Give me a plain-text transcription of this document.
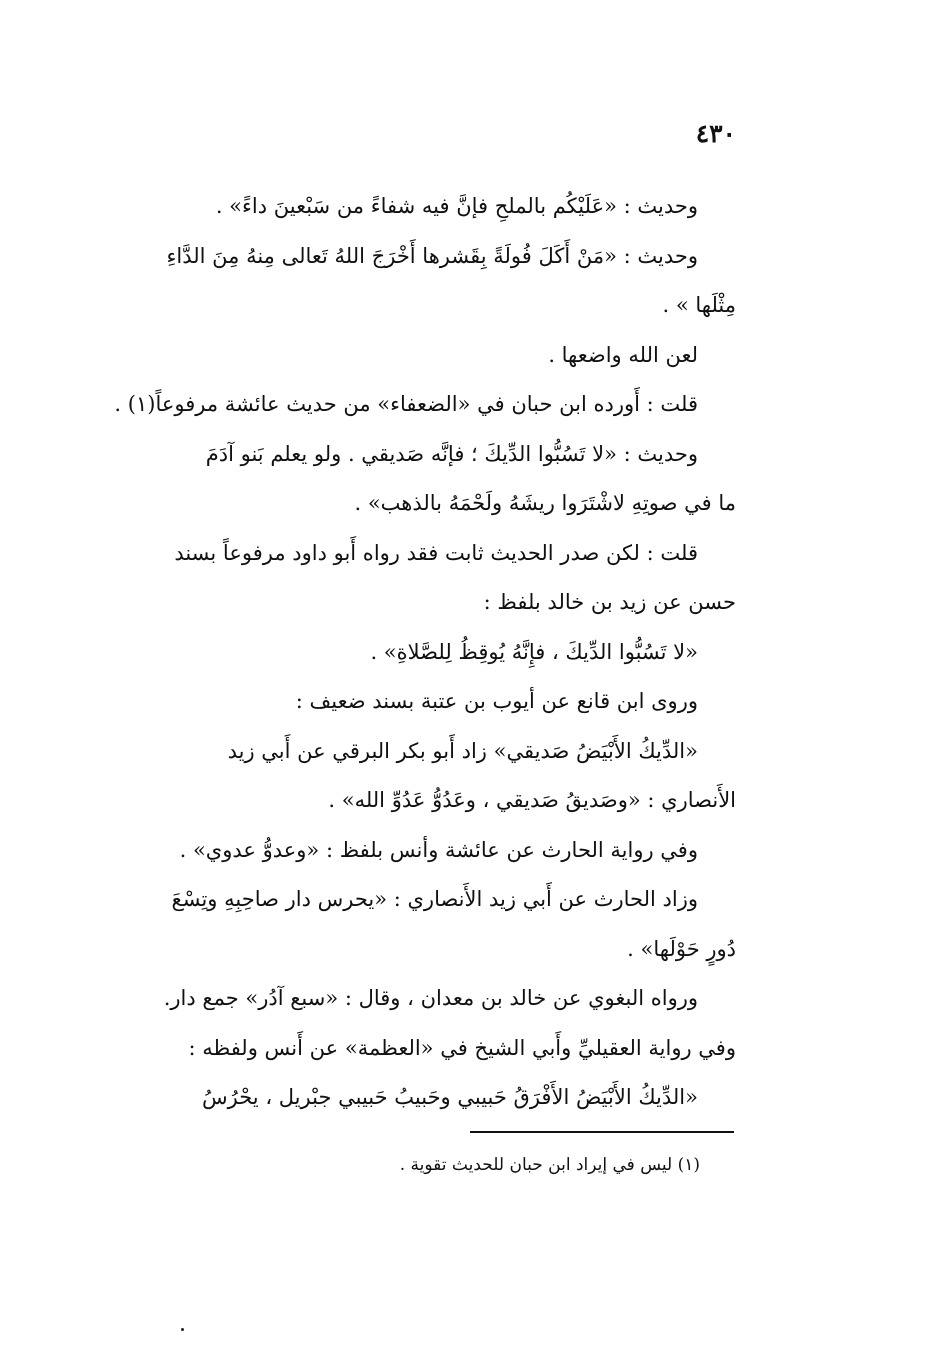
٤٣٠
وحديث : «عَلَيْكُم بالملحِ فإنَّ فيه شفاءً من سَبْعينَ داءً» .
وحديث : «مَنْ أَكَلَ فُولَةً بِقَشرها أَخْرَجَ اللهُ تَعالى مِنهُ مِنَ الدَّاءِ
مِثْلَها » .
لعن الله واضعها .
قلت : أَورده ابن حبان في «الضعفاء» من حديث عائشة مرفوعاً(١) .
وحديث : «لا تَسُبُّوا الدِّيكَ ؛ فإنَّه صَديقي . ولو يعلم بَنو آدَمَ
ما في صوتِهِ لاشْتَرَوا ريشَهُ ولَحْمَهُ بالذهب» .
قلت : لكن صدر الحديث ثابت فقد رواه أَبو داود مرفوعاً بسند
حسن عن زيد بن خالد بلفظ :
«لا تَسُبُّوا الدِّيكَ ، فإِنَّهُ يُوقِظُ لِلصَّلاةِ» .
وروى ابن قانع عن أيوب بن عتبة بسند ضعيف :
«الدِّيكُ الأَبْيَضُ صَديقي» زاد أَبو بكر البرقي عن أَبي زيد
الأَنصاري : «وصَديقُ صَديقي ، وعَدُوُّ عَدُوِّ الله» .
وفي رواية الحارث عن عائشة وأنس بلفظ : «وعدوُّ عدوي» .
وزاد الحارث عن أَبي زيد الأَنصاري : «يحرس دار صاحِبِهِ وتِسْعَ
دُورٍ حَوْلَها» .
ورواه البغوي عن خالد بن معدان ، وقال : «سبع آدُر» جمع دار.
وفي رواية العقيليِّ وأَبي الشيخ في «العظمة» عن أَنس ولفظه :
«الدِّيكُ الأَبْيَضُ الأَفْرَقُ حَبيبي وحَبيبُ حَبيبي جبْريل ، يحْرُسُ
(١) ليس في إيراد ابن حبان للحديث تقوية .
